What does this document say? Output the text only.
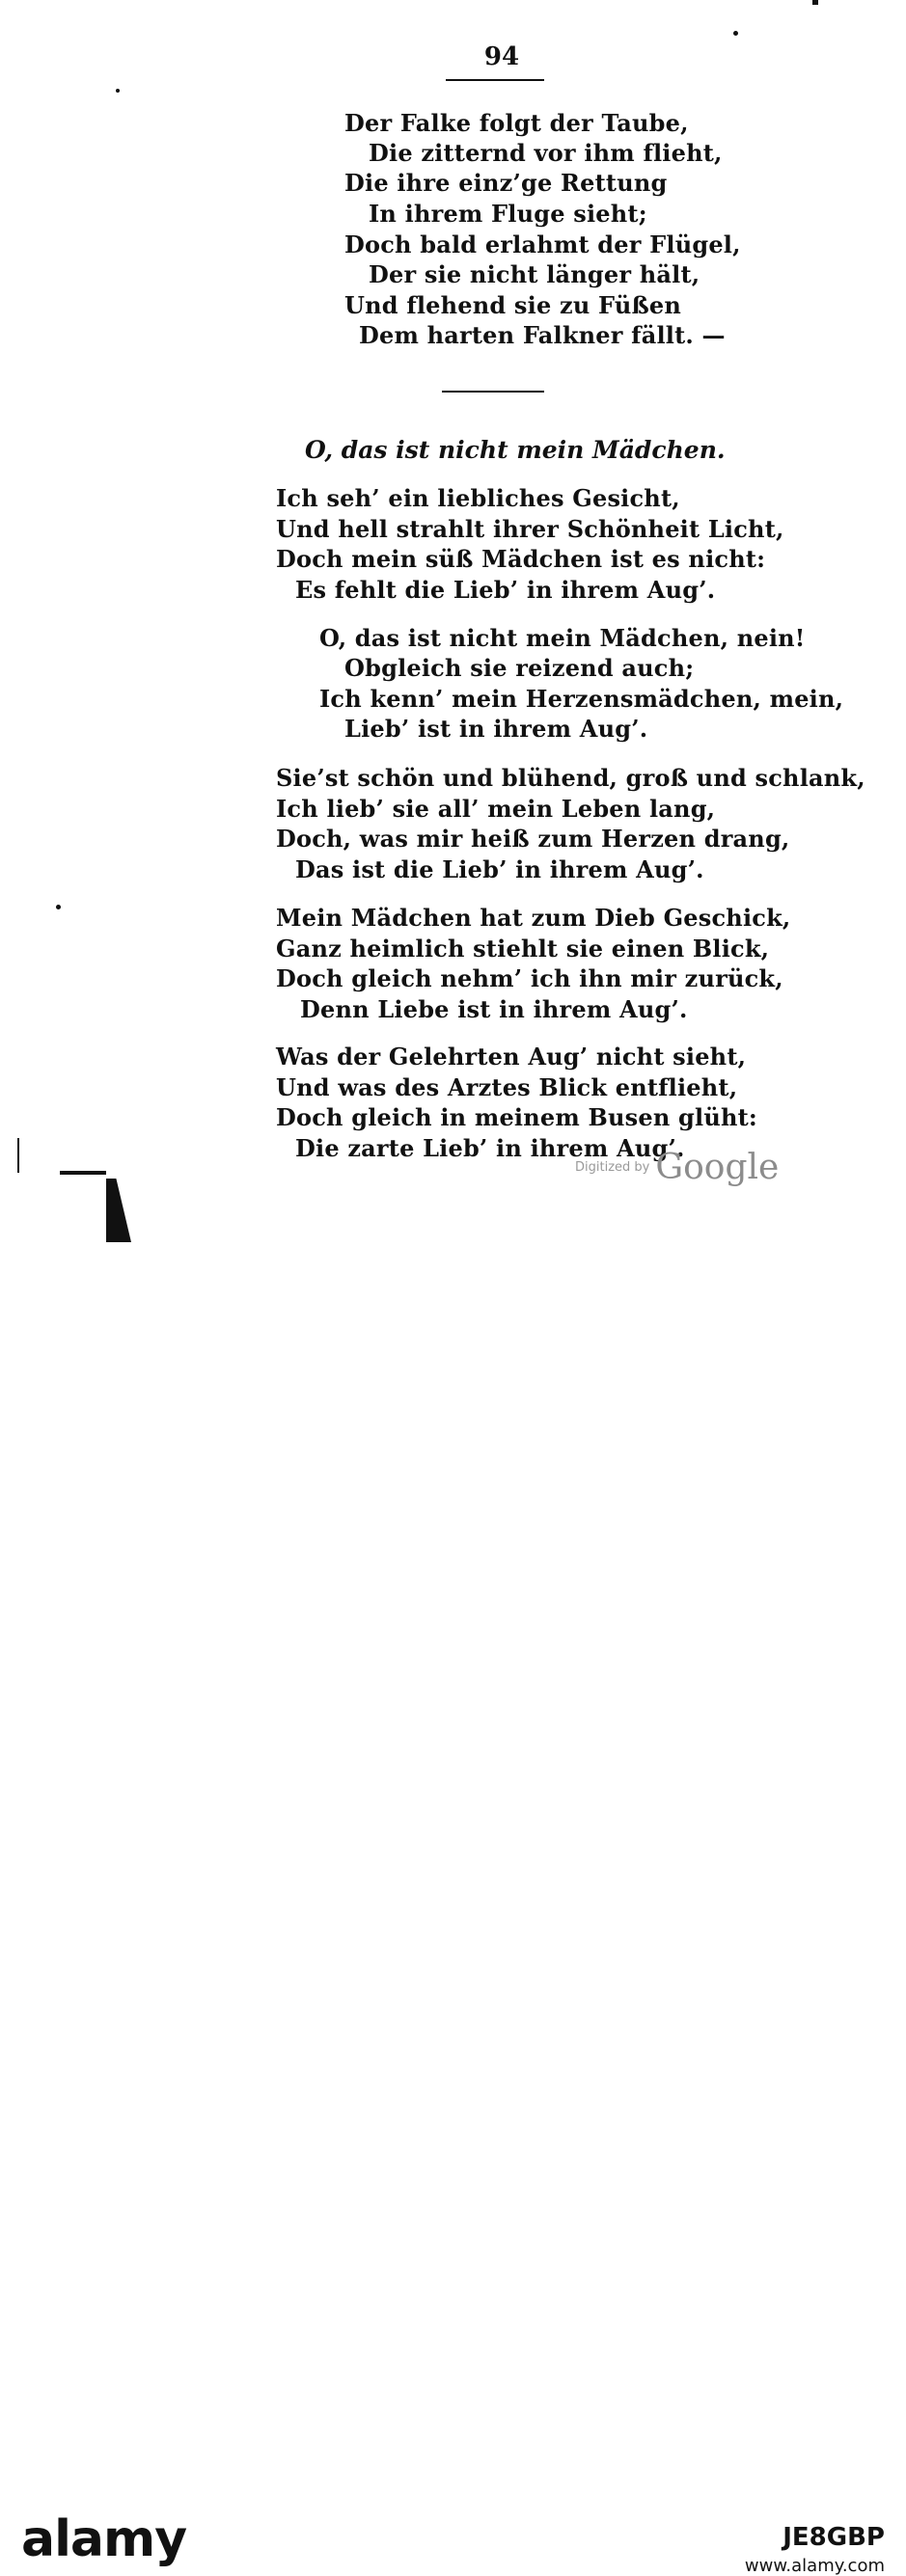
94
Der Falke folgt der Taube,
Die zitternd vor ihm flieht,
Die ihre einz’ge Rettung
In ihrem Fluge sieht;
Doch bald erlahmt der Flügel,
Der sie nicht länger hält,
Und flehend sie zu Füßen
Dem harten Falkner fällt. —
O, das ist nicht mein Mädchen.
Ich seh’ ein liebliches Gesicht,
Und hell strahlt ihrer Schönheit Licht,
Doch mein süß Mädchen ist es nicht:
Es fehlt die Lieb’ in ihrem Aug’.
O, das ist nicht mein Mädchen, nein!
Obgleich sie reizend auch;
Ich kenn’ mein Herzensmädchen, mein,
Lieb’ ist in ihrem Aug’.
Sie’st schön und blühend, groß und schlank,
Ich lieb’ sie all’ mein Leben lang,
Doch, was mir heiß zum Herzen drang,
Das ist die Lieb’ in ihrem Aug’.
Mein Mädchen hat zum Dieb Geschick,
Ganz heimlich stiehlt sie einen Blick,
Doch gleich nehm’ ich ihn mir zurück,
Denn Liebe ist in ihrem Aug’.
Was der Gelehrten Aug’ nicht sieht,
Und was des Arztes Blick entflieht,
Doch gleich in meinem Busen glüht:
Die zarte Lieb’ in ihrem Aug’.
Digitized by Google
alamy	JE8GBP
www.alamy.com
